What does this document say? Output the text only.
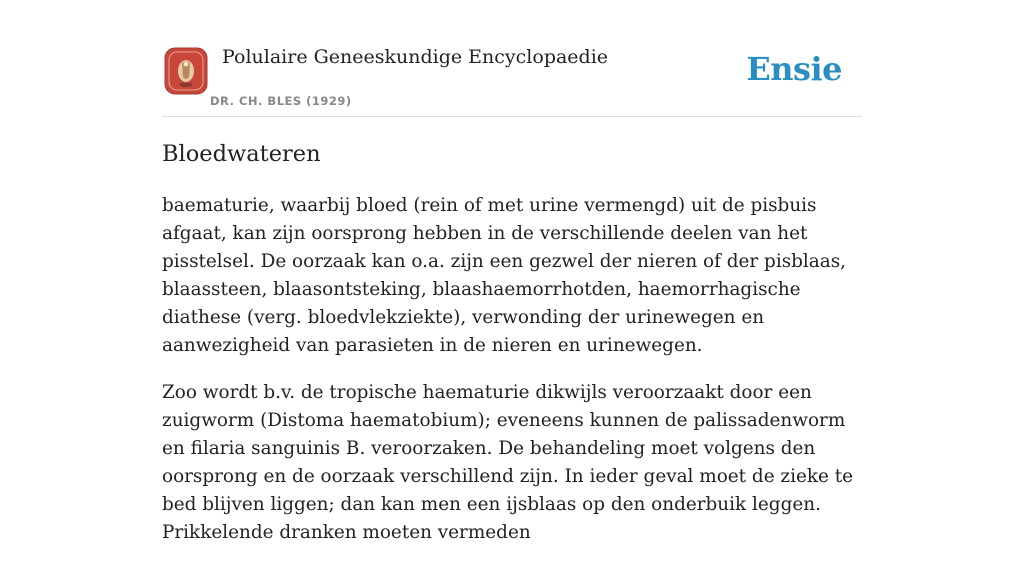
Polulaire Geneeskundige Encyclopaedie
DR. CH. BLES (1929)
Ensie
Bloedwateren

baematurie, waarbij bloed (rein of met urine vermengd) uit de pisbuis afgaat, kan zijn oorsprong hebben in de verschillende deelen van het pisstelsel. De oorzaak kan o.a. zijn een gezwel der nieren of der pisblaas, blaassteen, blaasontsteking, blaashaemorrhotden, haemorrhagische diathese (verg. bloedvlekziekte), verwonding der urinewegen en aanwezigheid van parasieten in de nieren en urinewegen.

Zoo wordt b.v. de tropische haematurie dikwijls veroorzaakt door een zuigworm (Distoma haematobium); eveneens kunnen de palissadenworm en filaria sanguinis B. veroorzaken. De behandeling moet volgens den oorsprong en de oorzaak verschillend zijn. In ieder geval moet de zieke te bed blijven liggen; dan kan men een ijsblaas op den onderbuik leggen. Prikkelende dranken moeten vermeden
